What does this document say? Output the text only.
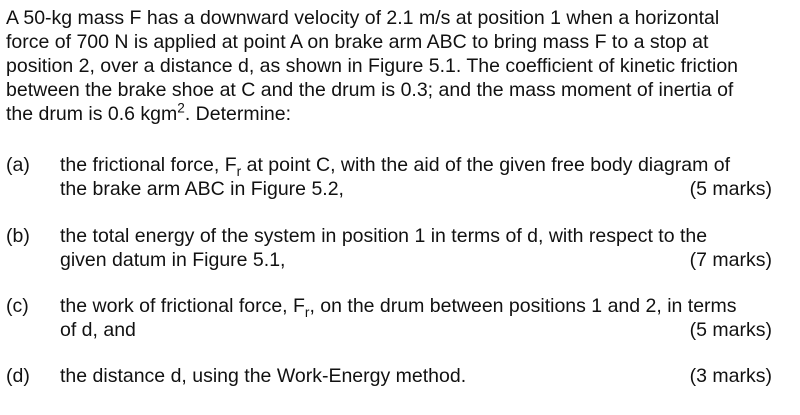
A 50-kg mass F has a downward velocity of 2.1 m/s at position 1 when a horizontal
force of 700 N is applied at point A on brake arm ABC to bring mass F to a stop at
position 2, over a distance d, as shown in Figure 5.1. The coefficient of kinetic friction
between the brake shoe at C and the drum is 0.3; and the mass moment of inertia of
the drum is 0.6 kgm$^2$. Determine:
(a) the frictional force, $F_r$ at point C, with the aid of the given free body diagram of
the brake arm ABC in Figure 5.2,	(5 marks)
(b) the total energy of the system in position 1 in terms of d, with respect to the
given datum in Figure 5.1,	(7 marks)
(c) the work of frictional force, $F_r$, on the drum between positions 1 and 2, in terms
of d, and	(5 marks)
(d) the distance d, using the Work-Energy method.	(3 marks)
